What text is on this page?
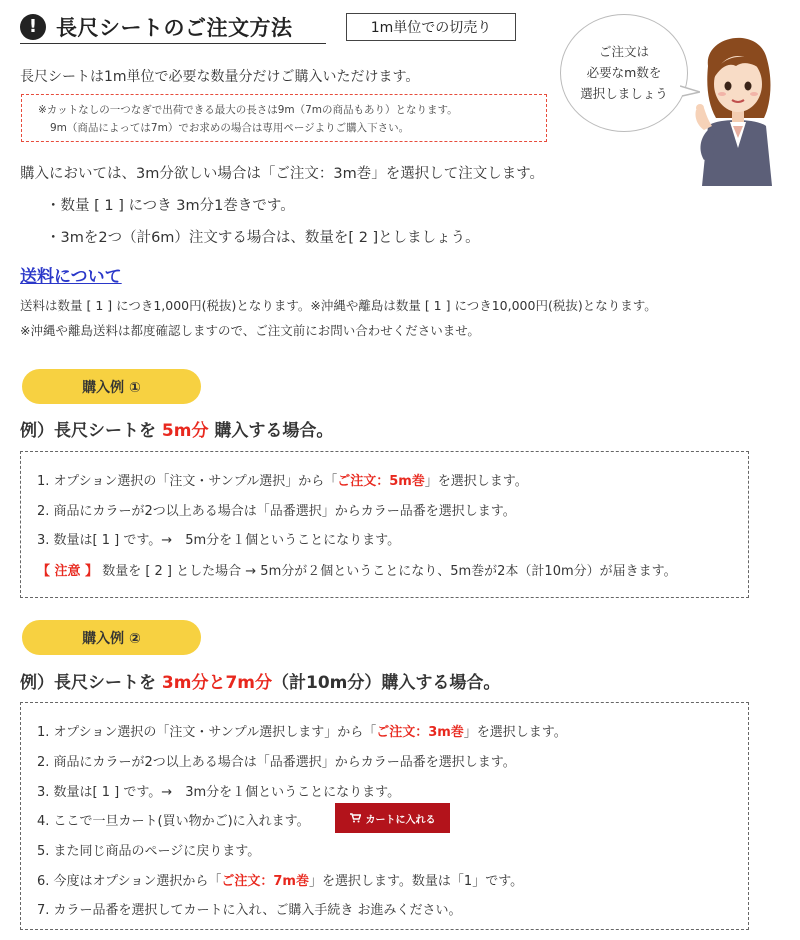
! 長尺シートのご注文方法	1m単位での切売り
ご注文は
必要なm数を
選択しましょう
長尺シートは1m単位で必要な数量分だけご購入いただけます。
※カットなしの一つなぎで出荷できる最大の長さは9m（7mの商品もあり）となります。
9m（商品によっては7m）でお求めの場合は専用ページよりご購入下さい。
購入においては、3m分欲しい場合は「ご注文：3m巻」を選択して注文します。
・数量 [ 1 ] につき 3m分1巻きです。
・3mを2つ（計6m）注文する場合は、数量を[ 2 ]としましょう。
送料について
送料は数量 [ 1 ] につき1,000円(税抜)となります。※沖縄や離島は数量 [ 1 ] につき10,000円(税抜)となります。
※沖縄や離島送料は都度確認しますので、ご注文前にお問い合わせくださいませ。
購入例 ①
例）長尺シートを 5m分 購入する場合。
1. オプション選択の「注文・サンプル選択」から「ご注文：5m巻」を選択します。
2. 商品にカラーが2つ以上ある場合は「品番選択」からカラー品番を選択します。
3. 数量は[ 1 ] です。→　5m分を１個ということになります。
【 注意 】 数量を [ 2 ] とした場合 → 5m分が２個ということになり、5m巻が2本（計10m分）が届きます。
購入例 ②
例）長尺シートを 3m分と7m分（計10m分）購入する場合。
1. オプション選択の「注文・サンプル選択します」から「ご注文：3m巻」を選択します。
2. 商品にカラーが2つ以上ある場合は「品番選択」からカラー品番を選択します。
3. 数量は[ 1 ] です。→　3m分を１個ということになります。
4. ここで一旦カート(買い物かご)に入れます。	カートに入れる
5. また同じ商品のページに戻ります。
6. 今度はオプション選択から「ご注文：7m巻」を選択します。数量は「1」です。
7. カラー品番を選択してカートに入れ、ご購入手続き お進みください。
